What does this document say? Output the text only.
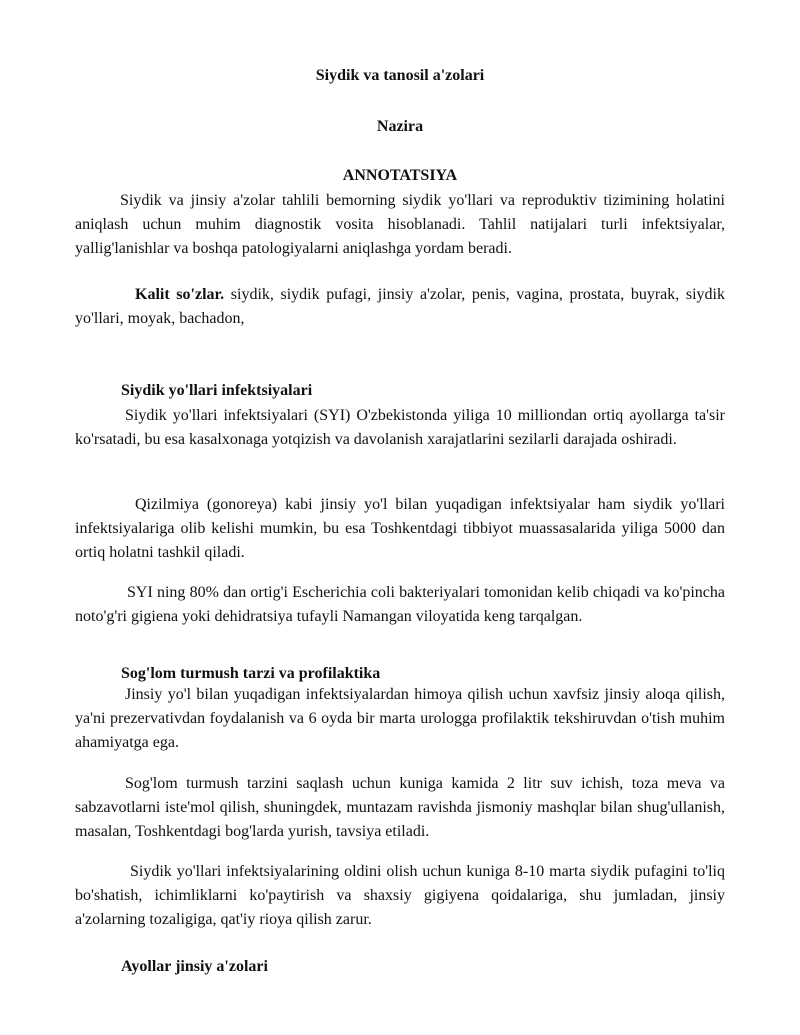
Siydik va tanosil a'zolari
Nazira
ANNOTATSIYA

Siydik va jinsiy a'zolar tahlili bemorning siydik yo'llari va reproduktiv tizimining holatini aniqlash uchun muhim diagnostik vosita hisoblanadi. Tahlil natijalari turli infektsiyalar, yallig'lanishlar va boshqa patologiyalarni aniqlashga yordam beradi.

Kalit so'zlar. siydik, siydik pufagi, jinsiy a'zolar, penis, vagina, prostata, buyrak, siydik yo'llari, moyak, bachadon,

Siydik yo'llari infektsiyalari

Siydik yo'llari infektsiyalari (SYI) O'zbekistonda yiliga 10 milliondan ortiq ayollarga ta'sir ko'rsatadi, bu esa kasalxonaga yotqizish va davolanish xarajatlarini sezilarli darajada oshiradi.

Qizilmiya (gonoreya) kabi jinsiy yo'l bilan yuqadigan infektsiyalar ham siydik yo'llari infektsiyalariga olib kelishi mumkin, bu esa Toshkentdagi tibbiyot muassasalarida yiliga 5000 dan ortiq holatni tashkil qiladi.

SYI ning 80% dan ortig'i Escherichia coli bakteriyalari tomonidan kelib chiqadi va ko'pincha noto'g'ri gigiena yoki dehidratsiya tufayli Namangan viloyatida keng tarqalgan.

Sog'lom turmush tarzi va profilaktika

Jinsiy yo'l bilan yuqadigan infektsiyalardan himoya qilish uchun xavfsiz jinsiy aloqa qilish, ya'ni prezervativdan foydalanish va 6 oyda bir marta urologga profilaktik tekshiruvdan o'tish muhim ahamiyatga ega.

Sog'lom turmush tarzini saqlash uchun kuniga kamida 2 litr suv ichish, toza meva va sabzavotlarni iste'mol qilish, shuningdek, muntazam ravishda jismoniy mashqlar bilan shug'ullanish, masalan, Toshkentdagi bog'larda yurish, tavsiya etiladi.

Siydik yo'llari infektsiyalarining oldini olish uchun kuniga 8-10 marta siydik pufagini to'liq bo'shatish, ichimliklarni ko'paytirish va shaxsiy gigiyena qoidalariga, shu jumladan, jinsiy a'zolarning tozaligiga, qat'iy rioya qilish zarur.

Ayollar jinsiy a'zolari
